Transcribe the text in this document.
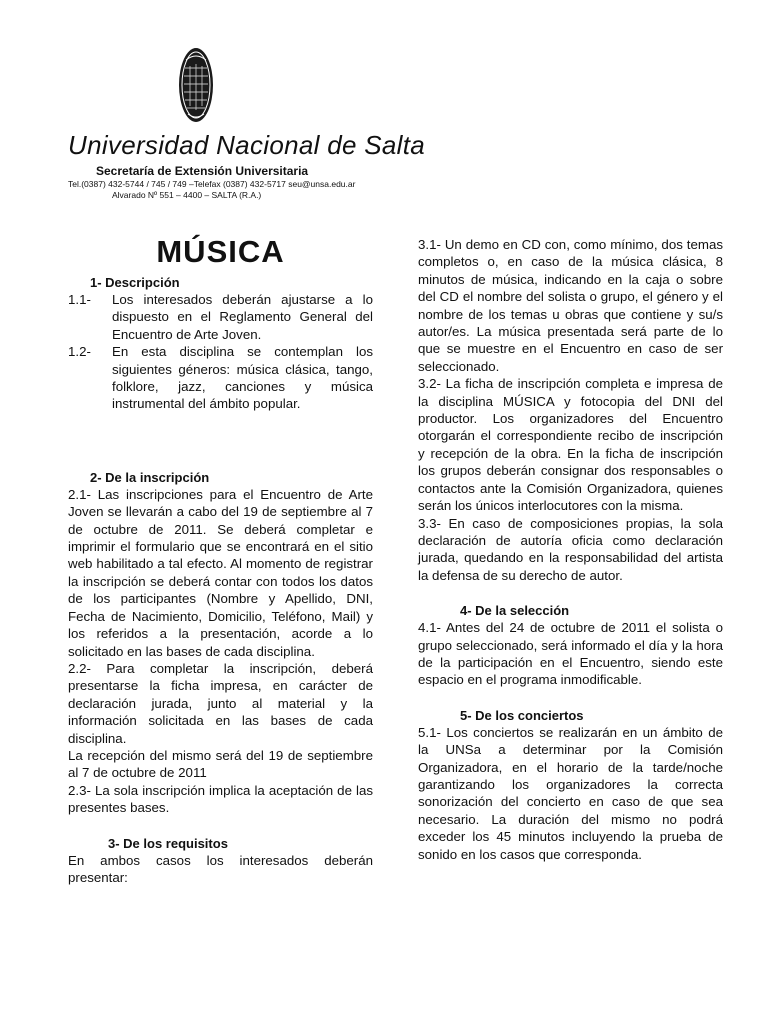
Universidad Nacional de Salta
Secretaría de Extensión Universitaria
Tel.(0387) 432-5744 / 745 / 749 –Telefax (0387) 432-5717 seu@unsa.edu.ar
Alvarado Nº 551 – 4400 – SALTA (R.A.)
MÚSICA
1- Descripción
1.1-	Los interesados deberán ajustarse a lo dispuesto en el Reglamento General del Encuentro de Arte Joven.
1.2-	En esta disciplina se contemplan los siguientes géneros: música clásica, tango, folklore, jazz, canciones y música instrumental del ámbito popular.
2- De la inscripción

2.1- Las inscripciones para el Encuentro de Arte Joven se llevarán a cabo del 19 de septiembre al 7 de octubre de 2011. Se deberá completar e imprimir el formulario que se encontrará en el sitio web habilitado a tal efecto. Al momento de registrar la inscripción se deberá contar con todos los datos de los participantes (Nombre y Apellido, DNI, Fecha de Nacimiento, Domicilio, Teléfono, Mail) y los referidos a la presentación, acorde a lo solicitado en las bases de cada disciplina.

2.2- Para completar la inscripción, deberá presentarse la ficha impresa, en carácter de declaración jurada, junto al material y la información solicitada en las bases de cada disciplina.

La recepción del mismo será del 19 de septiembre al 7 de octubre de 2011

2.3- La sola inscripción implica la aceptación de las presentes bases.

3- De los requisitos

En ambos casos los interesados deberán presentar:

3.1- Un demo en CD con, como mínimo, dos temas completos o, en caso de la música clásica, 8 minutos de música, indicando en la caja o sobre del CD el nombre del solista o grupo, el género y el nombre de los temas u obras que contiene y su/s autor/es. La música presentada será parte de lo que se muestre en el Encuentro en caso de ser seleccionado.

3.2- La ficha de inscripción completa e impresa de la disciplina MÚSICA y fotocopia del DNI del productor. Los organizadores del Encuentro otorgarán el correspondiente recibo de inscripción y recepción de la obra. En la ficha de inscripción los grupos deberán consignar dos responsables o contactos ante la Comisión Organizadora, quienes serán los únicos interlocutores con la misma.

3.3- En caso de composiciones propias, la sola declaración de autoría oficia como declaración jurada, quedando en la responsabilidad del artista la defensa de su derecho de autor.

4- De la selección

4.1- Antes del 24 de octubre de 2011 el solista o grupo seleccionado, será informado el día y la hora de la participación en el Encuentro, siendo este espacio en el programa inmodificable.

5- De los conciertos

5.1- Los conciertos se realizarán en un ámbito de la UNSa a determinar por la Comisión Organizadora, en el horario de la tarde/noche garantizando los organizadores la correcta sonorización del concierto en caso de que sea necesario. La duración del mismo no podrá exceder los 45 minutos incluyendo la prueba de sonido en los casos que corresponda.
